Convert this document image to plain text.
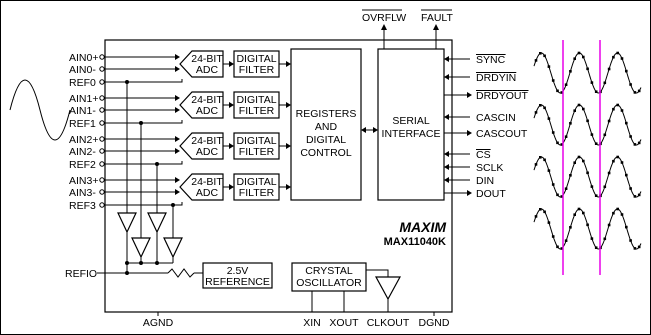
AIN0+
AIN0-
REF0
24-BIT
ADC
DIGITAL
FILTER
AIN1+
AIN1-
REF1
24-BIT
ADC
DIGITAL
FILTER
AIN2+
AIN2-
REF2
24-BIT
ADC
DIGITAL
FILTER
AIN3+
AIN3-
REF3
24-BIT
ADC
DIGITAL
FILTER
REGISTERS
AND
DIGITAL
CONTROL
SERIAL
INTERFACE
OVRFLW FAULT
SYNC
DRDYIN
DRDYOUT
CASCIN
CASCOUT
CS
SCLK
DIN
DOUT
2.5V
REFERENCE
REFIO	CRYSTAL
OSCILLATOR
MAXIM
MAX11040K
AGND	XIN XOUT CLKOUT DGND
